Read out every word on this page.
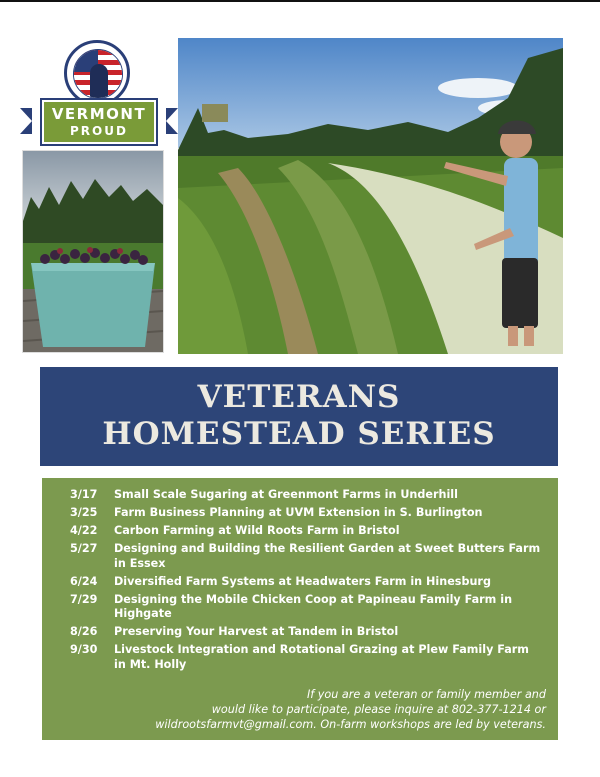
VERMONT
PROUD
VETERANS
HOMESTEAD SERIES
3/17	Small Scale Sugaring at Greenmont Farms in Underhill
3/25	Farm Business Planning at UVM Extension in S. Burlington
4/22	Carbon Farming at Wild Roots Farm in Bristol
5/27	Designing and Building the Resilient Garden at Sweet Butters Farm in Essex
6/24	Diversified Farm Systems at Headwaters Farm in Hinesburg
7/29	Designing the Mobile Chicken Coop at Papineau Family Farm in Highgate
8/26	Preserving Your Harvest at Tandem in Bristol
9/30	Livestock Integration and Rotational Grazing at Plew Family Farm in Mt. Holly
If you are a veteran or family member and
would like to participate, please inquire at 802-377-1214 or
wildrootsfarmvt@gmail.com. On-farm workshops are led by veterans.
